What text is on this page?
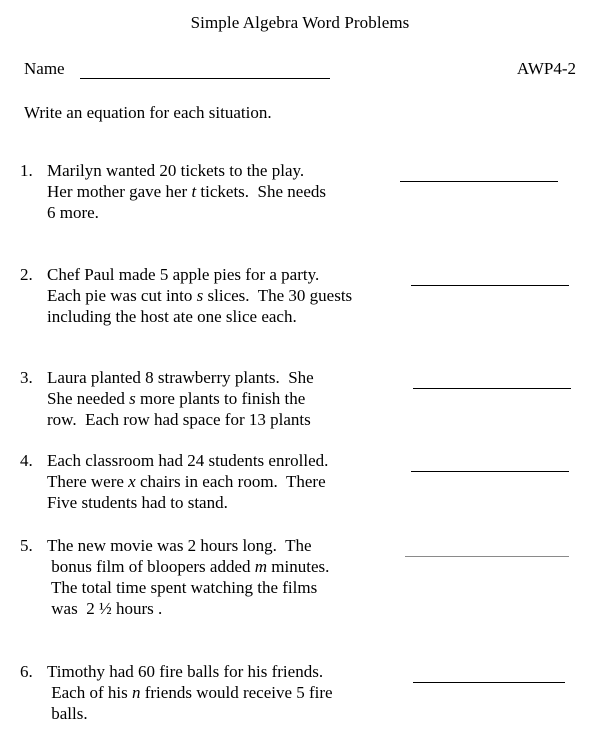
Simple Algebra Word Problems
Name	AWP4-2
Write an equation for each situation.
1. Marilyn wanted 20 tickets to the play.
Her mother gave her t tickets.  She needs
6 more.
2. Chef Paul made 5 apple pies for a party.
Each pie was cut into s slices.  The 30 guests
including the host ate one slice each.
3. Laura planted 8 strawberry plants.  She
She needed s more plants to finish the
row.  Each row had space for 13 plants
4. Each classroom had 24 students enrolled.
There were x chairs in each room.  There
Five students had to stand.
5. The new movie was 2 hours long.  The
bonus film of bloopers added m minutes.
The total time spent watching the films
was  2 ½ hours .
6. Timothy had 60 fire balls for his friends.
Each of his n friends would receive 5 fire
balls.
